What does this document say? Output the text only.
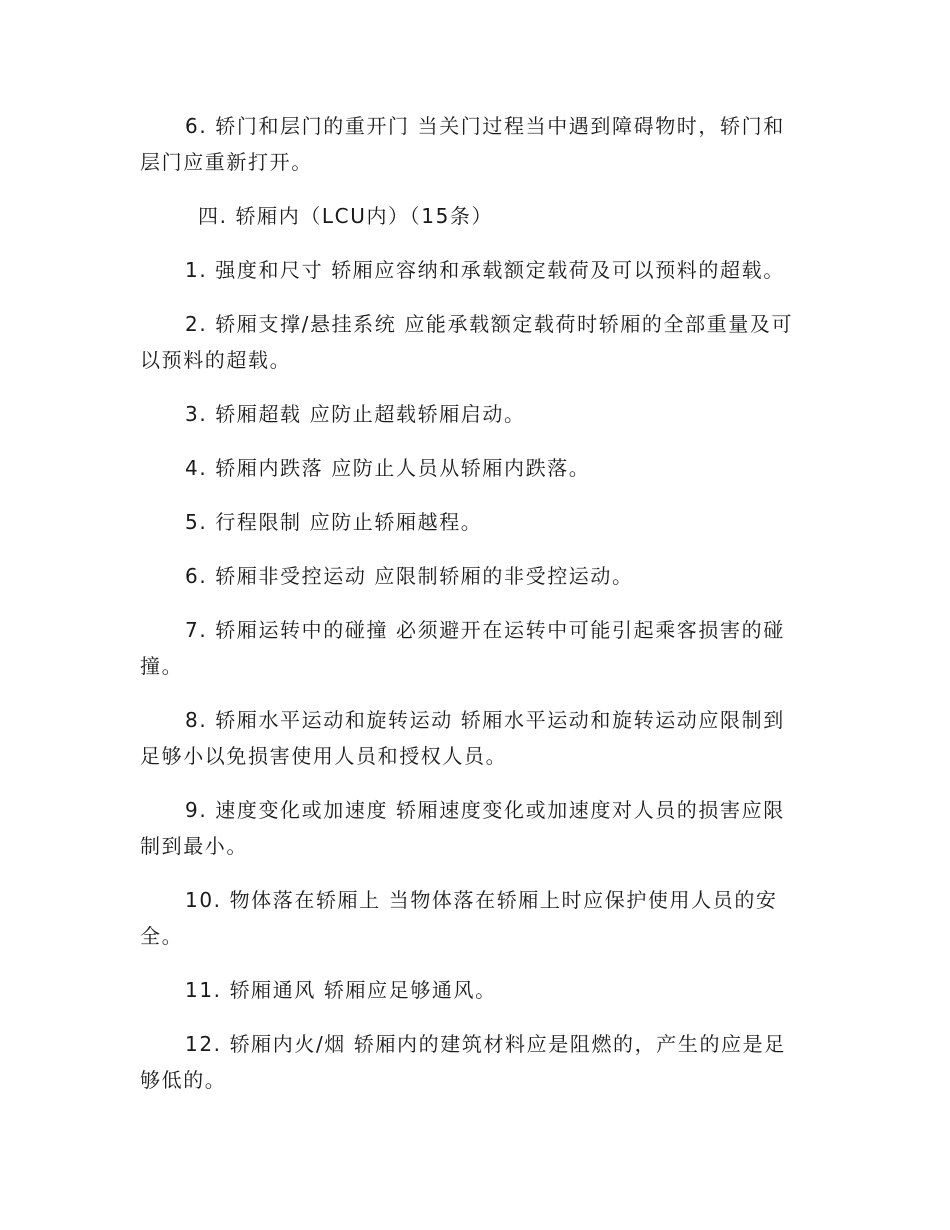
6. 轿门和层门的重开门 当关门过程当中遇到障碍物时，轿门和层门应重新打开。

四. 轿厢内（LCU内）（15条）

1. 强度和尺寸 轿厢应容纳和承载额定载荷及可以预料的超载。

2. 轿厢支撑/悬挂系统 应能承载额定载荷时轿厢的全部重量及可以预料的超载。

3. 轿厢超载 应防止超载轿厢启动。

4. 轿厢内跌落 应防止人员从轿厢内跌落。

5. 行程限制 应防止轿厢越程。

6. 轿厢非受控运动 应限制轿厢的非受控运动。

7. 轿厢运转中的碰撞 必须避开在运转中可能引起乘客损害的碰撞。

8. 轿厢水平运动和旋转运动 轿厢水平运动和旋转运动应限制到足够小以免损害使用人员和授权人员。

9. 速度变化或加速度 轿厢速度变化或加速度对人员的损害应限制到最小。

10. 物体落在轿厢上 当物体落在轿厢上时应保护使用人员的安全。

11. 轿厢通风 轿厢应足够通风。

12. 轿厢内火/烟 轿厢内的建筑材料应是阻燃的，产生的应是足够低的。
